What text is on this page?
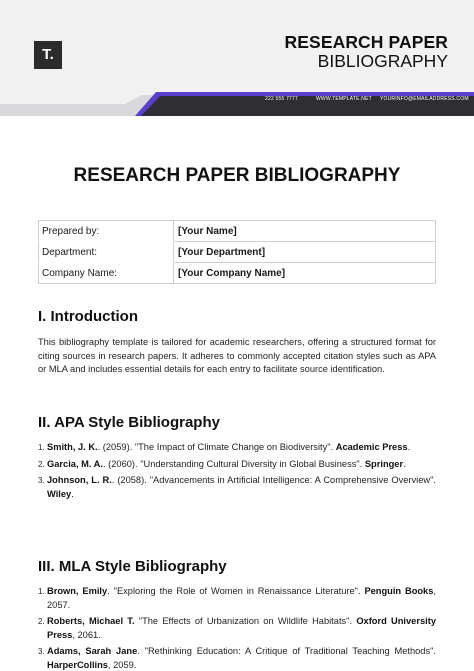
T.
RESEARCH PAPER
BIBLIOGRAPHY
222 555 7777	WWW.TEMPLATE.NET YOURINFO@EMAILADDRESS.COM
RESEARCH PAPER BIBLIOGRAPHY
Prepared by:	[Your Name]
Department:	[Your Department]
Company Name:	[Your Company Name]
I. Introduction

This bibliography template is tailored for academic researchers, offering a structured format for citing sources in research papers. It adheres to commonly accepted citation styles such as APA or MLA and includes essential details for each entry to facilitate source identification.

II. APA Style Bibliography
1. Smith, J. K.. (2059). "The Impact of Climate Change on Biodiversity". Academic Press.
2. Garcia, M. A.. (2060). "Understanding Cultural Diversity in Global Business". Springer.
3. Johnson, L. R.. (2058). "Advancements in Artificial Intelligence: A Comprehensive Overview". Wiley.
III. MLA Style Bibliography
1. Brown, Emily. "Exploring the Role of Women in Renaissance Literature". Penguin Books, 2057.
2. Roberts, Michael T. "The Effects of Urbanization on Wildlife Habitats". Oxford University Press, 2061.
3. Adams, Sarah Jane. "Rethinking Education: A Critique of Traditional Teaching Methods". HarperCollins, 2059.
